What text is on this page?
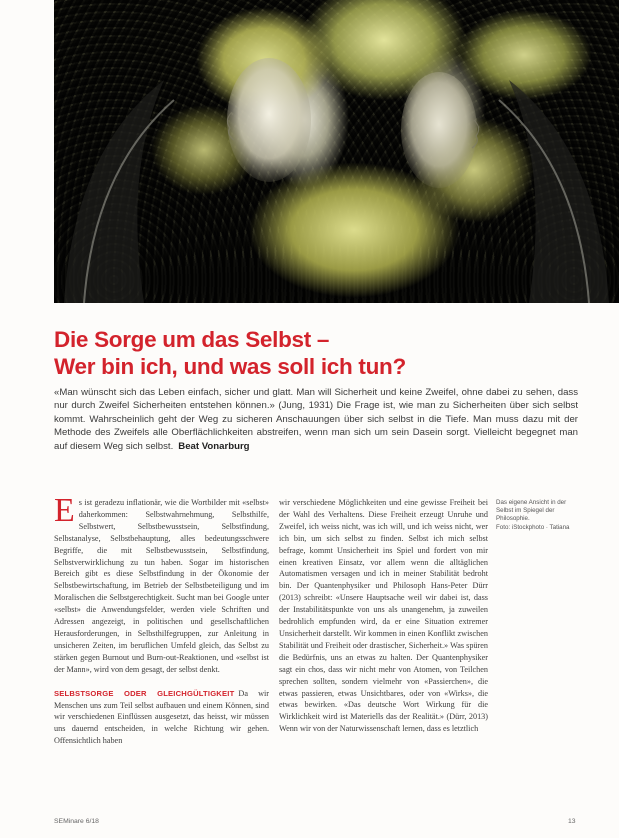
Die Sorge um das Selbst –
Wer bin ich, und was soll ich tun?
«Man wünscht sich das Leben einfach, sicher und glatt. Man will Sicherheit und keine Zweifel, ohne dabei zu sehen, dass nur durch Zweifel Sicherheiten entstehen können.» (Jung, 1931) Die Frage ist, wie man zu Sicherheiten über sich selbst kommt. Wahrscheinlich geht der Weg zu sicheren Anschauungen über sich selbst in die Tiefe. Man muss dazu mit der Methode des Zweifels alle Oberflächlichkeiten abstreifen, wenn man sich um sein Dasein sorgt. Vielleicht begegnet man auf diesem Weg sich selbst. Beat Vonarburg

Es ist geradezu inflationär, wie die Wortbilder mit «selbst» daherkommen: Selbstwahrnehmung, Selbsthilfe, Selbstwert, Selbstbewusstsein, Selbstfindung, Selbstanalyse, Selbstbehauptung, alles bedeutungsschwere Begriffe, die mit Selbstbewusstsein, Selbstfindung, Selbstverwirklichung zu tun haben. Sogar im historischen Bereich gibt es diese Selbstfindung in der Ökonomie der Selbstbewirtschaftung, im Betrieb der Selbstbeteiligung und im Moralischen die Selbstgerechtigkeit. Sucht man bei Google unter «selbst» die Anwendungsfelder, werden viele Schriften und Adressen angezeigt, in politischen und gesellschaftlichen Herausforderungen, in Selbsthilfegruppen, zur Anleitung in unsicheren Zeiten, im beruflichen Umfeld gleich, das Selbst zu stärken gegen Burnout und Burn-out-Reaktionen, und «selbst ist der Mann», wird von dem gesagt, der selbst denkt.

SELBSTSORGE ODER GLEICHGÜLTIGKEIT Da wir Menschen uns zum Teil selbst aufbauen und einem Können, sind wir verschiedenen Einflüssen ausgesetzt, das heisst, wir müssen uns dauernd entscheiden, in welche Richtung wir gehen. Offensichtlich haben

wir verschiedene Möglichkeiten und eine gewisse Freiheit bei der Wahl des Verhaltens. Diese Freiheit erzeugt Unruhe und Zweifel, ich weiss nicht, was ich will, und ich weiss nicht, wer ich bin, um sich selbst zu finden. Selbst ich mich selbst befrage, kommt Unsicherheit ins Spiel und fordert von mir einen kreativen Einsatz, vor allem wenn die alltäglichen Automatismen versagen und ich in meiner Stabilität bedroht bin. Der Quantenphysiker und Philosoph Hans-Peter Dürr (2013) schreibt: «Unsere Hauptsache weil wir dabei ist, dass der Instabilitätspunkte von uns als unangenehm, ja zuweilen bedrohlich empfunden wird, da er eine Situation extremer Unsicherheit darstellt. Wir kommen in einen Konflikt zwischen Stabilität und Freiheit oder drastischer, Sicherheit.» Was spüren die Bedürfnis, uns an etwas zu halten. Der Quantenphysiker sagt ein chos, dass wir nicht mehr von Atomen, von Teilchen sprechen sollten, sondern vielmehr von «Passierchen», die etwas passieren, etwas Unsichtbares, oder von «Wirks», die etwas bewirken. «Das deutsche Wort Wirkung für die Wirklichkeit wird ist Materiells das der Realität.» (Dürr, 2013) Wenn wir von der Naturwissenschaft lernen, dass es letztlich

Das eigene Ansicht in der Selbst im Spiegel der Philosophie.
Foto: iStockphoto · Tatiana
SEMinare 6/18	13
